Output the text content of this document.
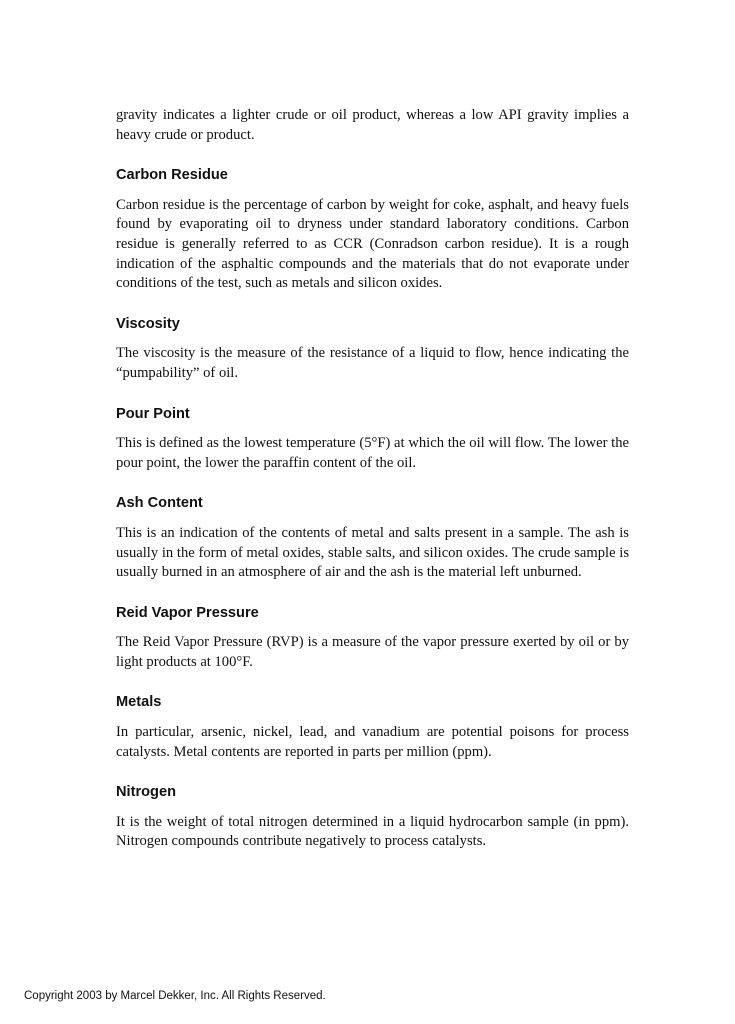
gravity indicates a lighter crude or oil product, whereas a low API gravity implies a heavy crude or product.

Carbon Residue

Carbon residue is the percentage of carbon by weight for coke, asphalt, and heavy fuels found by evaporating oil to dryness under standard laboratory conditions. Carbon residue is generally referred to as CCR (Conradson carbon residue). It is a rough indication of the asphaltic compounds and the materials that do not evaporate under conditions of the test, such as metals and silicon oxides.

Viscosity

The viscosity is the measure of the resistance of a liquid to flow, hence indicating the “pumpability” of oil.

Pour Point

This is defined as the lowest temperature (5°F) at which the oil will flow. The lower the pour point, the lower the paraffin content of the oil.

Ash Content

This is an indication of the contents of metal and salts present in a sample. The ash is usually in the form of metal oxides, stable salts, and silicon oxides. The crude sample is usually burned in an atmosphere of air and the ash is the material left unburned.

Reid Vapor Pressure

The Reid Vapor Pressure (RVP) is a measure of the vapor pressure exerted by oil or by light products at 100°F.

Metals

In particular, arsenic, nickel, lead, and vanadium are potential poisons for process catalysts. Metal contents are reported in parts per million (ppm).

Nitrogen

It is the weight of total nitrogen determined in a liquid hydrocarbon sample (in ppm). Nitrogen compounds contribute negatively to process catalysts.

Copyright 2003 by Marcel Dekker, Inc. All Rights Reserved.
